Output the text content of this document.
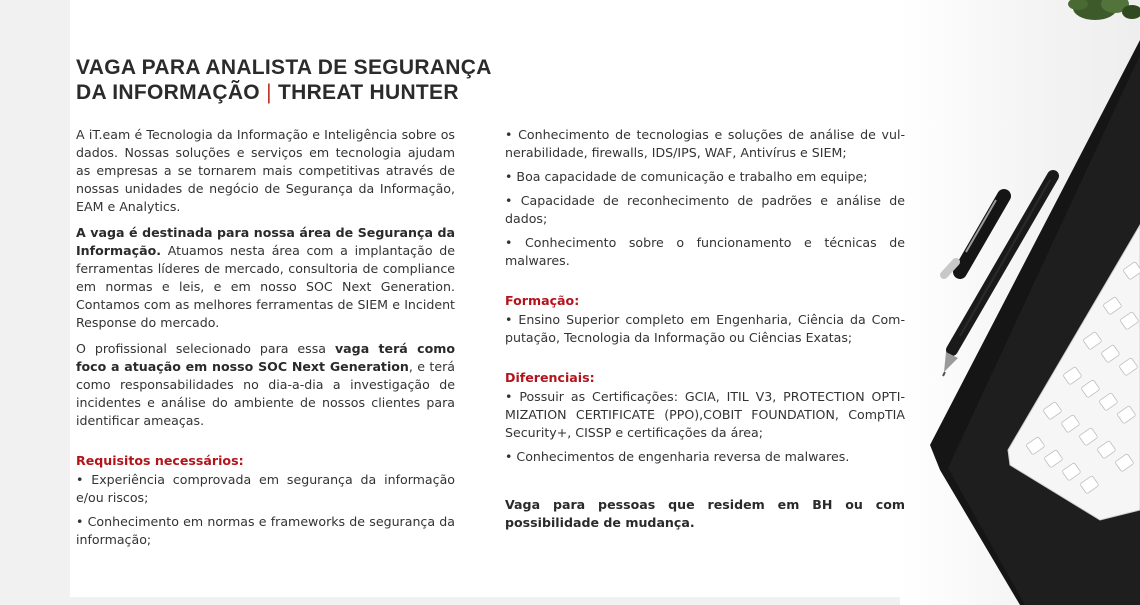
VAGA PARA ANALISTA DE SEGURANÇA
DA INFORMAÇÃO | THREAT HUNTER

A iT.eam é Tecnologia da Informação e Inteligência sobre os dados. Nossas soluções e serviços em tecnologia ajudam as empresas a se tornarem mais competitivas através de nossas unidades de negócio de Segurança da Informação, EAM e Analytics.

A vaga é destinada para nossa área de Segurança da Informação. Atuamos nesta área com a implantação de ferramentas líderes de mercado, consultoria de compliance em normas e leis, e em nosso SOC Next Generation. Contamos com as melhores ferramentas de SIEM e Incident Response do mercado.

O profissional selecionado para essa vaga terá como foco a atuação em nosso SOC Next Generation, e terá como responsabilidades no dia-a-dia a investigação de incidentes e análise do ambiente de nossos clientes para identificar ameaças.

Requisitos necessários:
• Experiência comprovada em segurança da informação e/ou riscos;
• Conhecimento em normas e frameworks de segurança da informação;
• Conhecimento de tecnologias e soluções de análise de vulnerabilidade, firewalls, IDS/IPS, WAF, Antivírus e SIEM;
• Boa capacidade de comunicação e trabalho em equipe;
• Capacidade de reconhecimento de padrões e análise de dados;
• Conhecimento sobre o funcionamento e técnicas de malwares.
Formação:
• Ensino Superior completo em Engenharia, Ciência da Computação, Tecnologia da Informação ou Ciências Exatas;
Diferenciais:
• Possuir as Certificações: GCIA, ITIL V3, PROTECTION OPTIMIZATION CERTIFICATE (PPO),COBIT FOUNDATION, CompTIA Security+, CISSP e certificações da área;
• Conhecimentos de engenharia reversa de malwares.
Vaga para pessoas que residem em BH ou com possibilidade de mudança.
